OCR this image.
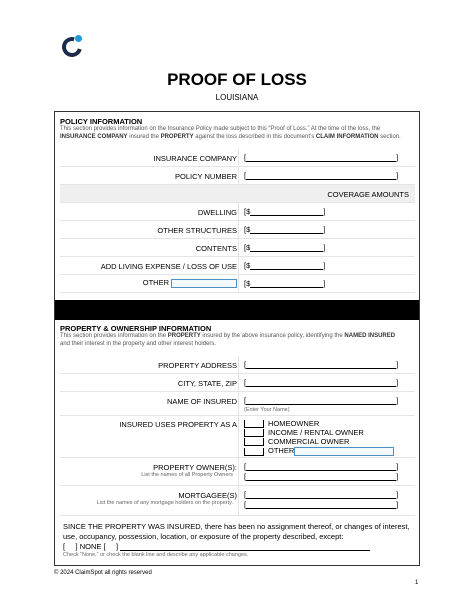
PROOF OF LOSS
LOUISIANA
POLICY INFORMATION
This section provides information on the Insurance Policy made subject to this “Proof of Loss.” At the time of the loss, the
INSURANCE COMPANY insured the PROPERTY against the loss described in this document’s CLAIM INFORMATION section.
INSURANCE COMPANY [	]
POLICY NUMBER [	]
COVERAGE AMOUNTS
DWELLING [$	]
OTHER STRUCTURES [$	]
CONTENTS [$	]
ADD LIVING EXPENSE / LOSS OF USE [$	]
OTHER	[$	]
PROPERTY & OWNERSHIP INFORMATION
This section provides information on the PROPERTY insured by the above insurance policy, identifying the NAMED INSURED
and their interest in the property and other interest holders.
PROPERTY ADDRESS [	]
CITY, STATE, ZIP [	]
NAME OF INSURED [	]
(Enter Your Name)
INSURED USES PROPERTY AS A	HOMEOWNER
INCOME / RENTAL OWNER
COMMERCIAL OWNER
OTHER
PROPERTY OWNER(S):
List the names of all Property Owners
[	]
[	]
MORTGAGEE(S)
List the names of any mortgage holders on the property.
[	]
[	]
SINCE THE PROPERTY WAS INSURED, there has been no assignment thereof, or changes of interest, use, occupancy, possession, location, or exposure of the property described, except:
[ ] NONE [ ]
Check “None,” or check the blank line and describe any applicable changes.
© 2024 ClaimSpot all rights reserved
1
